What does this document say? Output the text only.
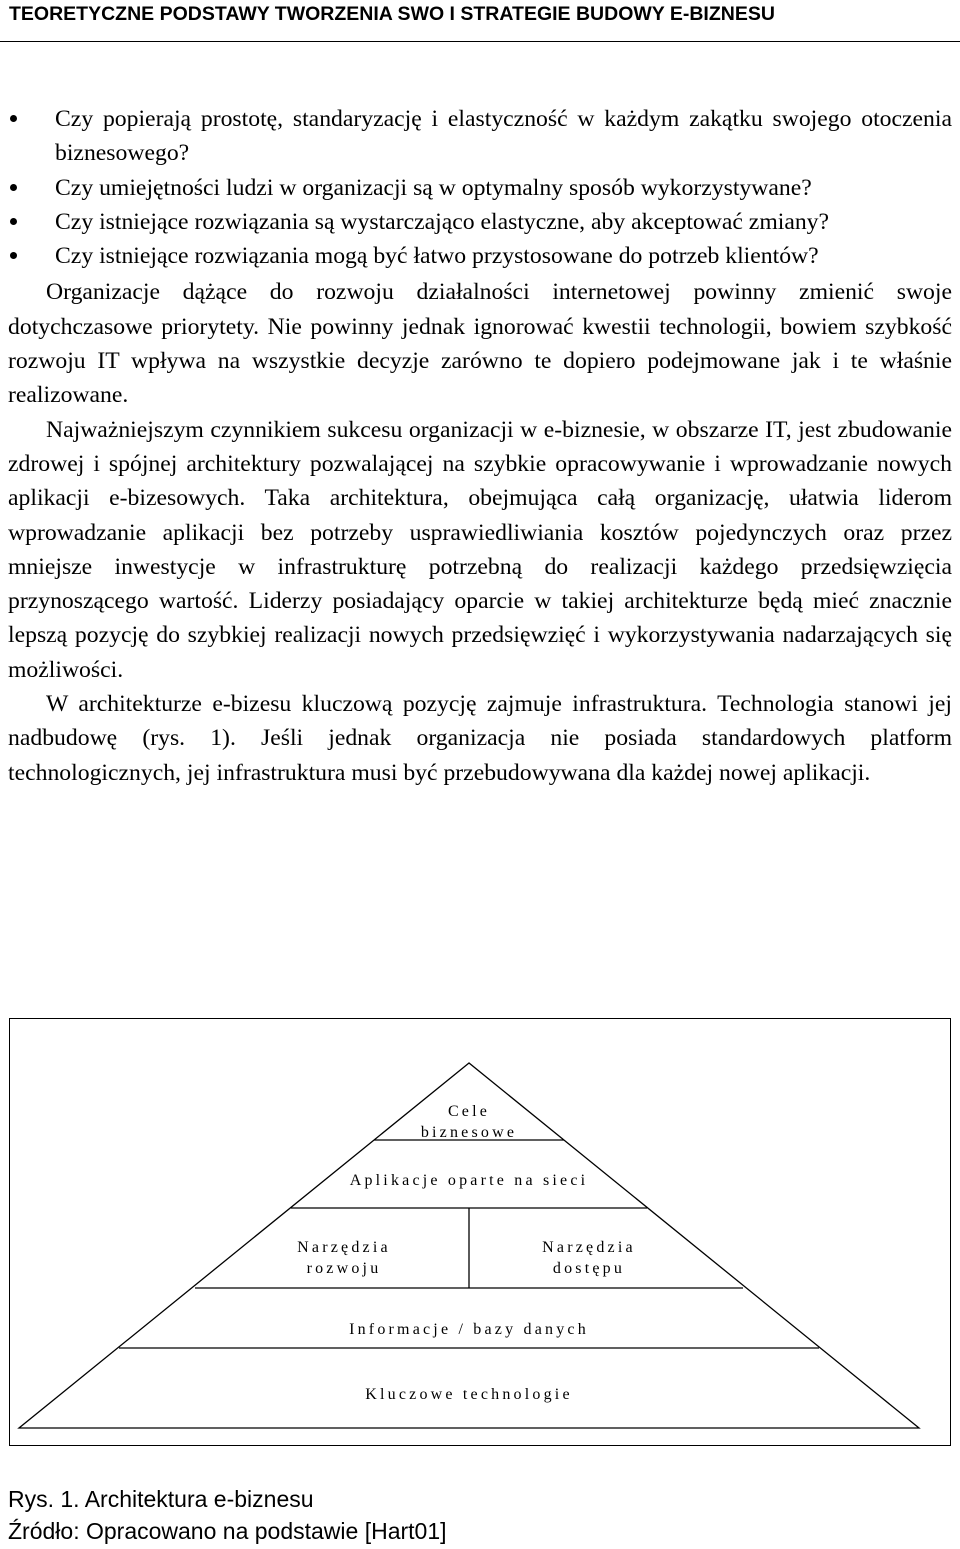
TEORETYCZNE PODSTAWY TWORZENIA SWO I STRATEGIE BUDOWY E-BIZNESU
Czy popierają prostotę, standaryzację i elastyczność w każdym zakątku swojego otoczenia biznesowego?
Czy umiejętności ludzi w organizacji są w optymalny sposób wykorzystywane?
Czy istniejące rozwiązania są wystarczająco elastyczne, aby akceptować zmiany?
Czy istniejące rozwiązania mogą być łatwo przystosowane do potrzeb klientów?

Organizacje dążące do rozwoju działalności internetowej powinny zmienić swoje dotychczasowe priorytety. Nie powinny jednak ignorować kwestii technologii, bowiem szybkość rozwoju IT wpływa na wszystkie decyzje zarówno te dopiero podejmowane jak i te właśnie realizowane.

Najważniejszym czynnikiem sukcesu organizacji w e-biznesie, w obszarze IT, jest zbudowanie zdrowej i spójnej architektury pozwalającej na szybkie opracowywanie i wprowadzanie nowych aplikacji e-bizesowych. Taka architektura, obejmująca całą organizację, ułatwia liderom wprowadzanie aplikacji bez potrzeby usprawiedliwiania kosztów pojedynczych oraz przez mniejsze inwestycje w infrastrukturę potrzebną do realizacji każdego przedsięwzięcia przynoszącego wartość. Liderzy posiadający oparcie w takiej architekturze będą mieć znacznie lepszą pozycję do szybkiej realizacji nowych przedsięwzięć i wykorzystywania nadarzających się możliwości.

W architekturze e-bizesu kluczową pozycję zajmuje infrastruktura. Technologia stanowi jej nadbudowę (rys. 1). Jeśli jednak organizacja nie posiada standardowych platform technologicznych, jej infrastruktura musi być przebudowywana dla każdej nowej aplikacji.

Cele
biznesowe
Aplikacje oparte na sieci
Narzędzia
rozwoju
Narzędzia
dostępu
Informacje / bazy danych
Kluczowe technologie
Rys. 1. Architektura e-biznesu
Źródło: Opracowano na podstawie [Hart01]
